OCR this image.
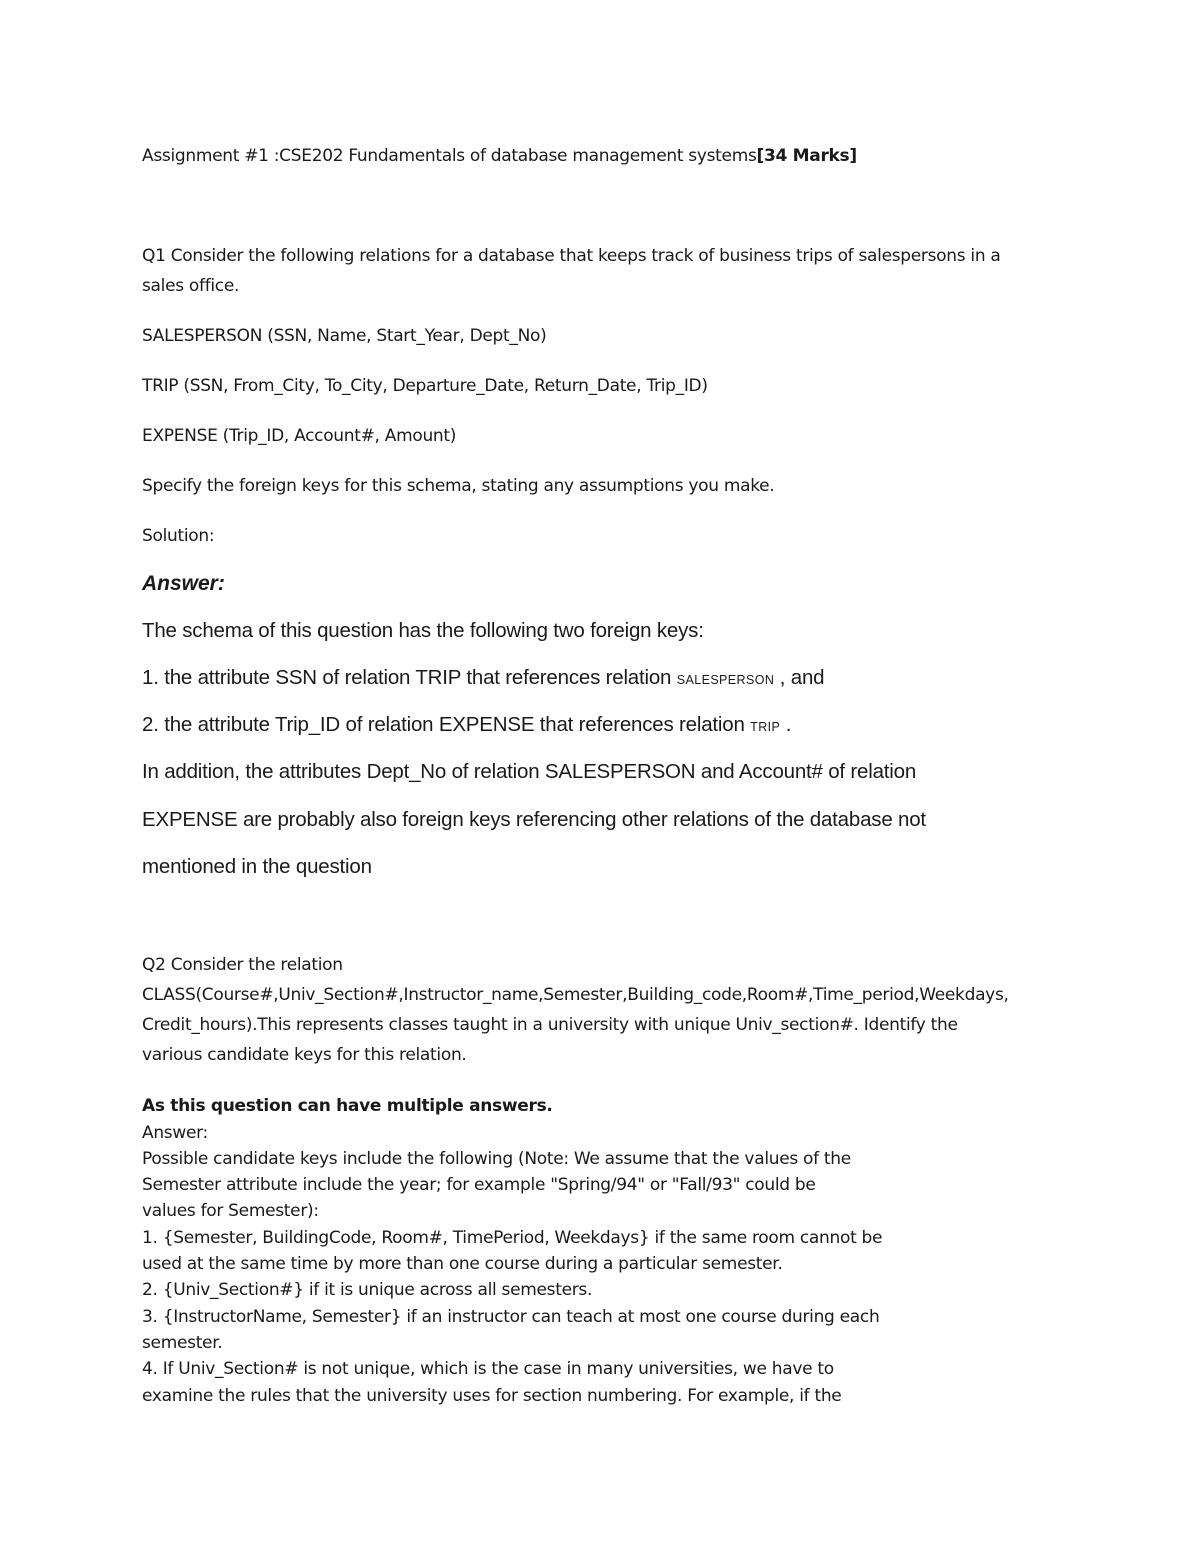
Assignment #1 :CSE202 Fundamentals of database management systems[34 Marks]
Q1 Consider the following relations for a database that keeps track of business trips of salespersons in a
sales office.
SALESPERSON (SSN, Name, Start_Year, Dept_No)
TRIP (SSN, From_City, To_City, Departure_Date, Return_Date, Trip_ID)
EXPENSE (Trip_ID, Account#, Amount)
Specify the foreign keys for this schema, stating any assumptions you make.
Solution:
Answer:
The schema of this question has the following two foreign keys:
1. the attribute SSN of relation TRIP that references relation SALESPERSON , and
2. the attribute Trip_ID of relation EXPENSE that references relation TRIP .
In addition, the attributes Dept_No of relation SALESPERSON and Account# of relation
EXPENSE are probably also foreign keys referencing other relations of the database not
mentioned in the question
Q2 Consider the relation
CLASS(Course#,Univ_Section#,Instructor_name,Semester,Building_code,Room#,Time_period,Weekdays,
Credit_hours).This represents classes taught in a university with unique Univ_section#. Identify the
various candidate keys for this relation.
As this question can have multiple answers.
Answer:
Possible candidate keys include the following (Note: We assume that the values of the
Semester attribute include the year; for example "Spring/94" or "Fall/93" could be
values for Semester):
1. {Semester, BuildingCode, Room#, TimePeriod, Weekdays} if the same room cannot be
used at the same time by more than one course during a particular semester.
2. {Univ_Section#} if it is unique across all semesters.
3. {InstructorName, Semester} if an instructor can teach at most one course during each
semester.
4. If Univ_Section# is not unique, which is the case in many universities, we have to
examine the rules that the university uses for section numbering. For example, if the
